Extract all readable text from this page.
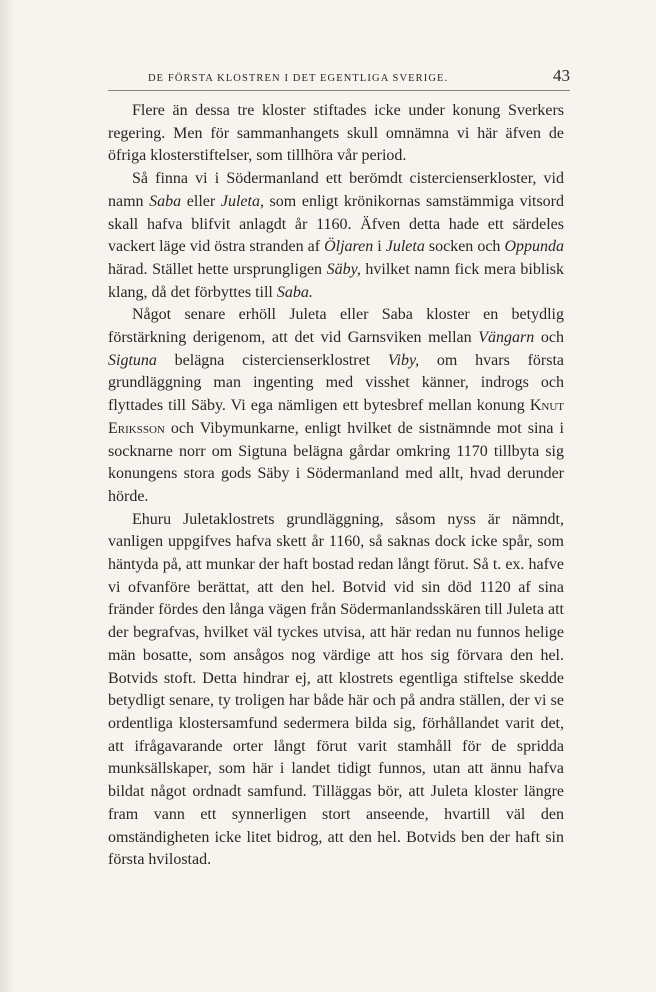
DE FÖRSTA KLOSTREN I DET EGENTLIGA SVERIGE.	43

Flere än dessa tre kloster stiftades icke under konung Sverkers regering. Men för sammanhangets skull omnämna vi här äfven de öfriga klosterstiftelser, som tillhöra vår period.

Så finna vi i Södermanland ett berömdt cistercienserkloster, vid namn Saba eller Juleta, som enligt krönikornas samstämmiga vitsord skall hafva blifvit anlagdt år 1160. Äfven detta hade ett särdeles vackert läge vid östra stranden af Öljaren i Juleta socken och Oppunda härad. Stället hette ursprungligen Säby, hvilket namn fick mera biblisk klang, då det förbyttes till Saba.

Något senare erhöll Juleta eller Saba kloster en betydlig förstärkning derigenom, att det vid Garnsviken mellan Vängarn och Sigtuna belägna cistercienserklostret Viby, om hvars första grundläggning man ingenting med visshet känner, indrogs och flyttades till Säby. Vi ega nämligen ett bytesbref mellan konung Knut Eriksson och Vibymunkarne, enligt hvilket de sistnämnde mot sina i socknarne norr om Sigtuna belägna gårdar omkring 1170 tillbyta sig konungens stora gods Säby i Södermanland med allt, hvad derunder hörde.

Ehuru Juletaklostrets grundläggning, såsom nyss är nämndt, vanligen uppgifves hafva skett år 1160, så saknas dock icke spår, som häntyda på, att munkar der haft bostad redan långt förut. Så t. ex. hafve vi ofvanföre berättat, att den hel. Botvid vid sin död 1120 af sina fränder fördes den långa vägen från Södermanlandsskären till Juleta att der begrafvas, hvilket väl tyckes utvisa, att här redan nu funnos helige män bosatte, som ansågos nog värdige att hos sig förvara den hel. Botvids stoft. Detta hindrar ej, att klostrets egentliga stiftelse skedde betydligt senare, ty troligen har både här och på andra ställen, der vi se ordentliga klostersamfund sedermera bilda sig, förhållandet varit det, att ifrågavarande orter långt förut varit stamhåll för de spridda munksällskaper, som här i landet tidigt funnos, utan att ännu hafva bildat något ordnadt samfund. Tilläggas bör, att Juleta kloster längre fram vann ett synnerligen stort anseende, hvartill väl den omständigheten icke litet bidrog, att den hel. Botvids ben der haft sin första hvilostad.
